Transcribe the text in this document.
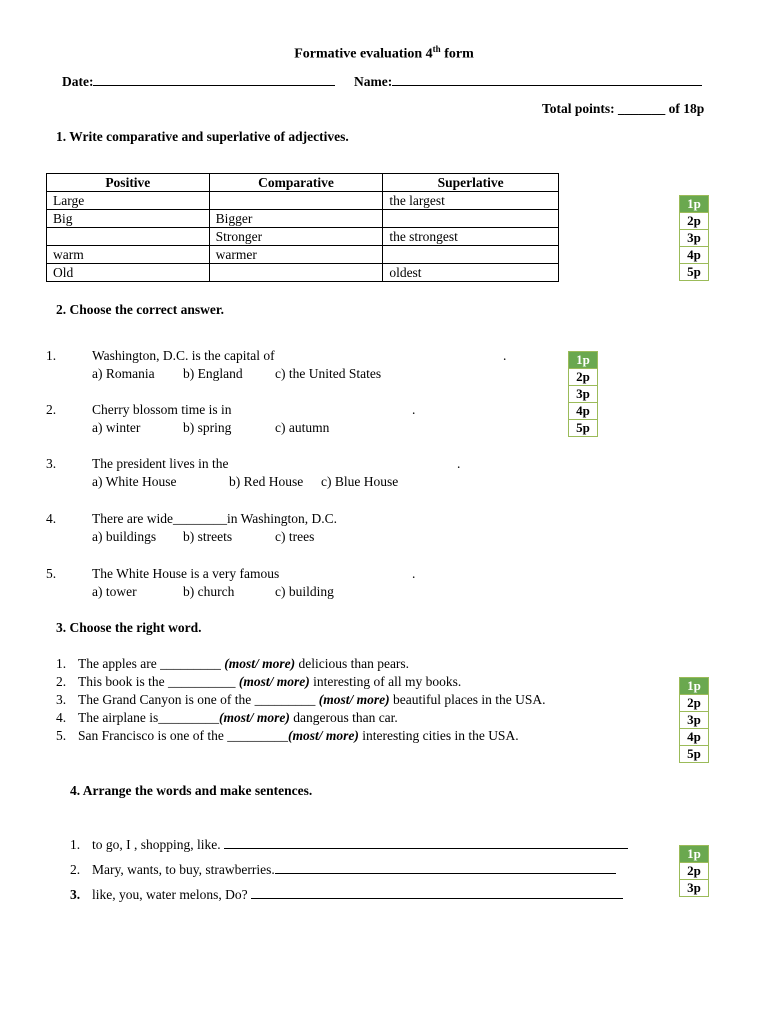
Formative evaluation 4th form
Date:	Name:
Total points: _______ of 18p
1. Write comparative and superlative of adjectives.
Positive	Comparative	Superlative
Large		the largest
Big	Bigger	
	Stronger	the strongest
warm	warmer	
Old		oldest
1p
2p
3p
4p
5p
2. Choose the correct answer.
1.	Washington, D.C. is the capital of	.
a) Romania b) England c) the United States
2.	Cherry blossom time is in	.
a) winter	b) spring	c) autumn
3.	The president lives in the	.
a) White House	b) Red House c) Blue House
4.	There are wide________in Washington, D.C.
a) buildings b) streets	c) trees
5.	The White House is a very famous	.
a) tower	b) church	c) building
1p
2p
3p
4p
5p
3. Choose the right word.
1. The apples are _________ (most/ more) delicious than pears.
2. This book is the __________ (most/ more) interesting of all my books.
3. The Grand Canyon is one of the _________ (most/ more) beautiful places in the USA.
4. The airplane is_________(most/ more) dangerous than car.
5. San Francisco is one of the _________(most/ more) interesting cities in the USA.
1p
2p
3p
4p
5p
4. Arrange the words and make sentences.
1. to go, I , shopping, like.
2. Mary, wants, to buy, strawberries.
3. like, you, water melons, Do?
1p
2p
3p
